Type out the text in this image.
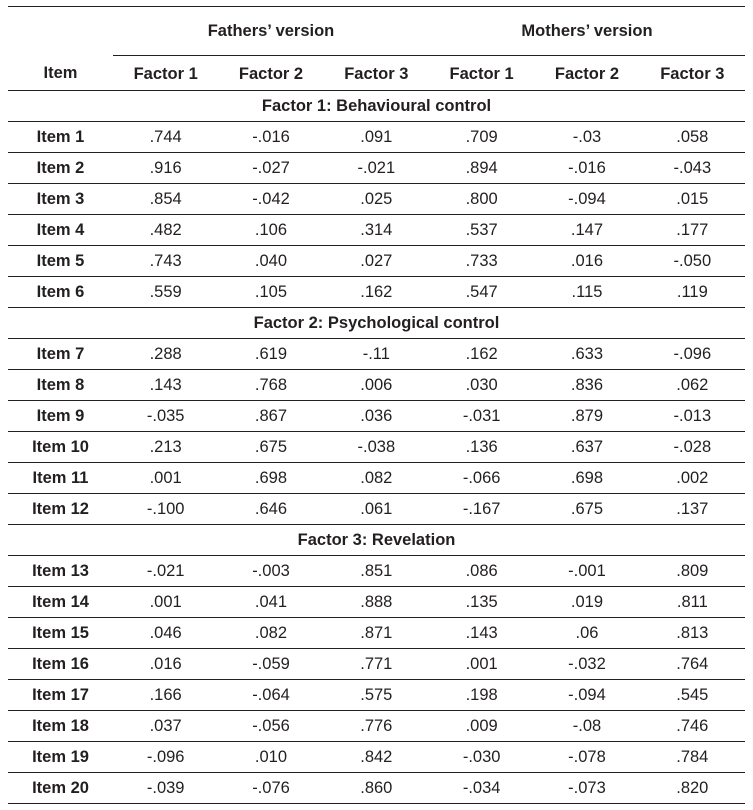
	Fathers’ version			Mothers’ version		
Item	Factor 1	Factor 2	Factor 3	Factor 1	Factor 2	Factor 3
Factor 1: Behavioural control						
Item 1	.744	-.016	.091	.709	-.03	.058
Item 2	.916	-.027	-.021	.894	-.016	-.043
Item 3	.854	-.042	.025	.800	-.094	.015
Item 4	.482	.106	.314	.537	.147	.177
Item 5	.743	.040	.027	.733	.016	-.050
Item 6	.559	.105	.162	.547	.115	.119
Factor 2: Psychological control						
Item 7	.288	.619	-.11	.162	.633	-.096
Item 8	.143	.768	.006	.030	.836	.062
Item 9	-.035	.867	.036	-.031	.879	-.013
Item 10	.213	.675	-.038	.136	.637	-.028
Item 11	.001	.698	.082	-.066	.698	.002
Item 12	-.100	.646	.061	-.167	.675	.137
Factor 3: Revelation						
Item 13	-.021	-.003	.851	.086	-.001	.809
Item 14	.001	.041	.888	.135	.019	.811
Item 15	.046	.082	.871	.143	.06	.813
Item 16	.016	-.059	.771	.001	-.032	.764
Item 17	.166	-.064	.575	.198	-.094	.545
Item 18	.037	-.056	.776	.009	-.08	.746
Item 19	-.096	.010	.842	-.030	-.078	.784
Item 20	-.039	-.076	.860	-.034	-.073	.820
